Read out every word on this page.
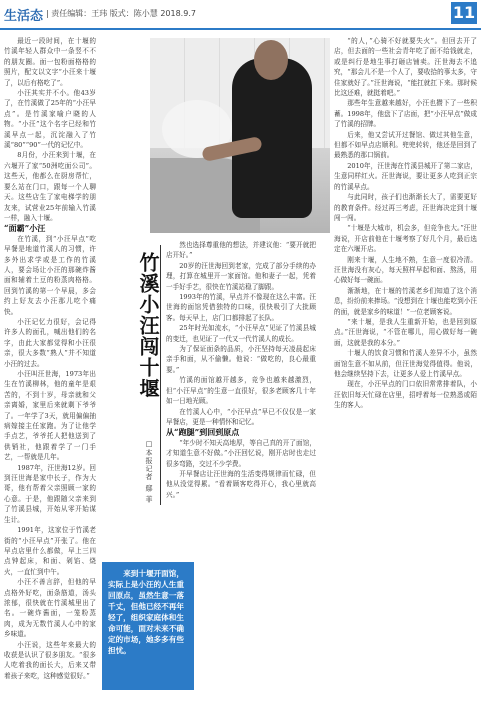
生活态 | 责任编辑：王玮 版式：陈小慧 2018.9.7	11

最近一段时间，在十堰的竹溪年轻人群众中一条竖不不的朋友圈。面一包粉面格格的照片，配文以文字“小汪来十堰了，以后有格吃了”。

小汪其实并不小。他43岁了，在竹溪做了25年的“小汪早点”。是竹溪家喻户晓的人物。“小汪”这个名字已经和竹溪早点一起，沉淀融入了竹溪“80”“90”一代的记忆中。

8月份，小汪来到十堰，在六堰开了家“50洲吃面公司”。这些天，他都么在厨房帮忙，要么站在门口，跟每一个人聊天。这些店生了家电梯学的朋友来，试营业25年前输入竹溪一样，融入十堰。

“面霸”小汪

在竹溪，到“小汪早点”吃早餐是地道竹溪人的习惯，许多外出求学或是工作的竹溪人，要会场让小汪的那碗炸酱面和辅着土豆的粉蒸肉格格。回到竹溪的第一个早晨，多会约上好友去小汪那儿吃个痛快。

小汪记忆力很好，会记得许多人的面孔，喊出他们的名字，由此大家都觉得和小汪很亲，很大多数“熟人”并不知道小汪的过去。

小汪叫汪世海，1973年出生在竹溪柳林，他的童年是艰苦的，不到十岁，母亲就和父亲离婚，家里后来就剩下爷爷了。一年学了3天，就用偏偏抽病嫁接主任家跑。为了让他学手点艺，爷爷托人把他送到了供销社，他跟着学了一门手艺，一帮就是几年。

1987年，汪世海12岁。回到汪世海是家中长子，作为大哥，他有帮着父亲照顾一家的心意。于是，他跟随父亲来到了竹溪县城，开始从零开始谋生计。

1991年，这家位于竹溪老街的“小汪早点”开张了。他在早点店里什么都做，早上三四点钟起床，和面、剁馅、烧火，一直忙到中午。

小汪不善言辞，但他的早点格外好吃，面条筋道，汤头浓郁，很快就在竹溪城里出了名。一碗炸酱面，一笼粉蒸肉，成为无数竹溪人心中的家乡味道。

小汪说，这些年来最大的收获是认识了很多朋友。“很多人吃着我的面长大，后来又带着孩子来吃，这种感觉很好。”

竹溪小汪闯十堰
□本报记者 鄢 菲

然也选择尊重他的想法，并建议他：“要开就把店开好。”

20岁的汪世海回到老家，完成了部分手续的办理，打算在城里开一家面馆。他和妻子一起，凭着一手好手艺，很快在竹溪站稳了脚跟。

1993年的竹溪，早点并不像现在这么丰富。汪世海的面馆凭借独特的口味，很快吸引了大批顾客。每天早上，店门口都排起了长队。

25年时光如流水，“小汪早点”见证了竹溪县城的变迁，也见证了一代又一代竹溪人的成长。

为了保证面条的品质，小汪坚持每天凌晨起床亲手和面，从不偷懒。他说：“做吃的，良心最重要。”

竹溪的面馆越开越多，竞争也越来越激烈，但“小汪早点”的生意一直很好，很多老顾客几十年如一日地光顾。

在竹溪人心中，“小汪早点”早已不仅仅是一家早餐店，更是一种情怀和记忆。

从“跑腿”到回到原点

“年少时不知天高地厚，等自己真的开了面馆，才知道生意不好做。”小汪回忆说，刚开店时也走过很多弯路，交过不少学费。

开早餐店让汪世海的生活变得规律而忙碌，但他从没觉得累。“看着顾客吃得开心，我心里就高兴。”

“的人，”心骑不好就要失火”。但回去开了店，但去面的一些社会青年吃了面不给钱就走，或是纠行是地生事打砸店铺卖。汪世海去不追究，“那会儿不是一个人了，要收拾的事太多，守住家就好了。”汪世海说，“能扛就扛下来。那时候比这还难，就挺着吧。”

那些年生意越来越好，小汪也攒下了一些积蓄。1998年，他盘下了店面，把“小汪早点”做成了竹溪的招牌。

后来，他又尝试开过餐馆、做过其他生意，但都不如早点店顺利。兜兜转转，他还是回到了最熟悉的那口锅前。

2010年，汪世海在竹溪县城开了第二家店，生意同样红火。汪世海说，要让更多人吃到正宗的竹溪早点。

与此同时，孩子们也渐渐长大了，需要更好的教育条件。经过再三考虑，汪世海决定到十堰闯一闯。

“十堰是大城市，机会多，但竞争也大。”汪世海说，开店前他在十堰考察了好几个月，最后选定在六堰开店。

刚来十堰，人生地不熟，生意一度很冷清。汪世海没有灰心，每天照样早起和面、熬汤，用心做好每一碗面。

渐渐地，在十堰的竹溪老乡们知道了这个消息，纷纷前来捧场。“没想到在十堰也能吃到小汪的面，就是家乡的味道！”一位老顾客说。

“来十堰，是我人生重新开始，也是回到原点。”汪世海说，“不管在哪儿，用心做好每一碗面，这就是我的本分。”

十堰人的饮食习惯和竹溪人差异不小，虽然面馆生意不如从前，但汪世海觉得值得。他说，他会继续坚持下去，让更多人爱上竹溪早点。

现在，小汪早点的门口依旧常常排着队，小汪依旧每天忙碌在店里，招呼着每一位熟悉或陌生的客人。

来到十堰开面馆，实际上是小汪的人生重回原点，虽然生意一落千丈，但他已经不再年轻了，组织家庭体和生命可能，面对未来不确定的市场，她多多有些担忧。
